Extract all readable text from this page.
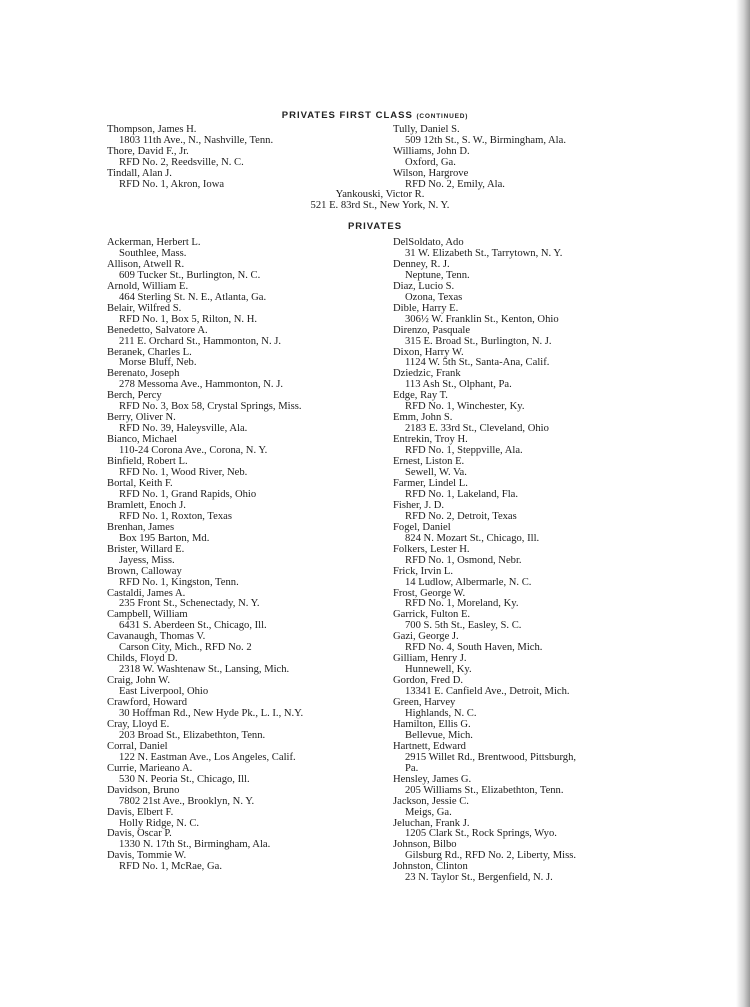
PRIVATES FIRST CLASS (CONTINUED)
Thompson, James H.
1803 11th Ave., N., Nashville, Tenn.
Thore, David F., Jr.
RFD No. 2, Reedsville, N. C.
Tindall, Alan J.
RFD No. 1, Akron, Iowa
Tully, Daniel S.
509 12th St., S. W., Birmingham, Ala.
Williams, John D.
Oxford, Ga.
Wilson, Hargrove
RFD No. 2, Emily, Ala.
Yankouski, Victor R.
521 E. 83rd St., New York, N. Y.
PRIVATES
Ackerman, Herbert L.
Southlee, Mass.
Allison, Atwell R.
609 Tucker St., Burlington, N. C.
Arnold, William E.
464 Sterling St. N. E., Atlanta, Ga.
Belair, Wilfred S.
RFD No. 1, Box 5, Rilton, N. H.
Benedetto, Salvatore A.
211 E. Orchard St., Hammonton, N. J.
Beranek, Charles L.
Morse Bluff, Neb.
Berenato, Joseph
278 Messoma Ave., Hammonton, N. J.
Berch, Percy
RFD No. 3, Box 58, Crystal Springs, Miss.
Berry, Oliver N.
RFD No. 39, Haleysville, Ala.
Bianco, Michael
110-24 Corona Ave., Corona, N. Y.
Binfield, Robert L.
RFD No. 1, Wood River, Neb.
Bortal, Keith F.
RFD No. 1, Grand Rapids, Ohio
Bramlett, Enoch J.
RFD No. 1, Roxton, Texas
Brenhan, James
Box 195 Barton, Md.
Brister, Willard E.
Jayess, Miss.
Brown, Calloway
RFD No. 1, Kingston, Tenn.
Castaldi, James A.
235 Front St., Schenectady, N. Y.
Campbell, William
6431 S. Aberdeen St., Chicago, Ill.
Cavanaugh, Thomas V.
Carson City, Mich., RFD No. 2
Childs, Floyd D.
2318 W. Washtenaw St., Lansing, Mich.
Craig, John W.
East Liverpool, Ohio
Crawford, Howard
30 Hoffman Rd., New Hyde Pk., L. I., N.Y.
Cray, Lloyd E.
203 Broad St., Elizabethton, Tenn.
Corral, Daniel
122 N. Eastman Ave., Los Angeles, Calif.
Currie, Marieano A.
530 N. Peoria St., Chicago, Ill.
Davidson, Bruno
7802 21st Ave., Brooklyn, N. Y.
Davis, Elbert F.
Holly Ridge, N. C.
Davis, Oscar P.
1330 N. 17th St., Birmingham, Ala.
Davis, Tommie W.
RFD No. 1, McRae, Ga.
DelSoldato, Ado
31 W. Elizabeth St., Tarrytown, N. Y.
Denney, R. J.
Neptune, Tenn.
Diaz, Lucio S.
Ozona, Texas
Dible, Harry E.
306½ W. Franklin St., Kenton, Ohio
Direnzo, Pasquale
315 E. Broad St., Burlington, N. J.
Dixon, Harry W.
1124 W. 5th St., Santa-Ana, Calif.
Dziedzic, Frank
113 Ash St., Olphant, Pa.
Edge, Ray T.
RFD No. 1, Winchester, Ky.
Emm, John S.
2183 E. 33rd St., Cleveland, Ohio
Entrekin, Troy H.
RFD No. 1, Steppville, Ala.
Ernest, Liston E.
Sewell, W. Va.
Farmer, Lindel L.
RFD No. 1, Lakeland, Fla.
Fisher, J. D.
RFD No. 2, Detroit, Texas
Fogel, Daniel
824 N. Mozart St., Chicago, Ill.
Folkers, Lester H.
RFD No. 1, Osmond, Nebr.
Frick, Irvin L.
14 Ludlow, Albermarle, N. C.
Frost, George W.
RFD No. 1, Moreland, Ky.
Garrick, Fulton E.
700 S. 5th St., Easley, S. C.
Gazi, George J.
RFD No. 4, South Haven, Mich.
Gilliam, Henry J.
Hunnewell, Ky.
Gordon, Fred D.
13341 E. Canfield Ave., Detroit, Mich.
Green, Harvey
Highlands, N. C.
Hamilton, Ellis G.
Bellevue, Mich.
Hartnett, Edward
2915 Willet Rd., Brentwood, Pittsburgh,
Pa.
Hensley, James G.
205 Williams St., Elizabethton, Tenn.
Jackson, Jessie C.
Meigs, Ga.
Jeluchan, Frank J.
1205 Clark St., Rock Springs, Wyo.
Johnson, Bilbo
Gilsburg Rd., RFD No. 2, Liberty, Miss.
Johnston, Clinton
23 N. Taylor St., Bergenfield, N. J.
